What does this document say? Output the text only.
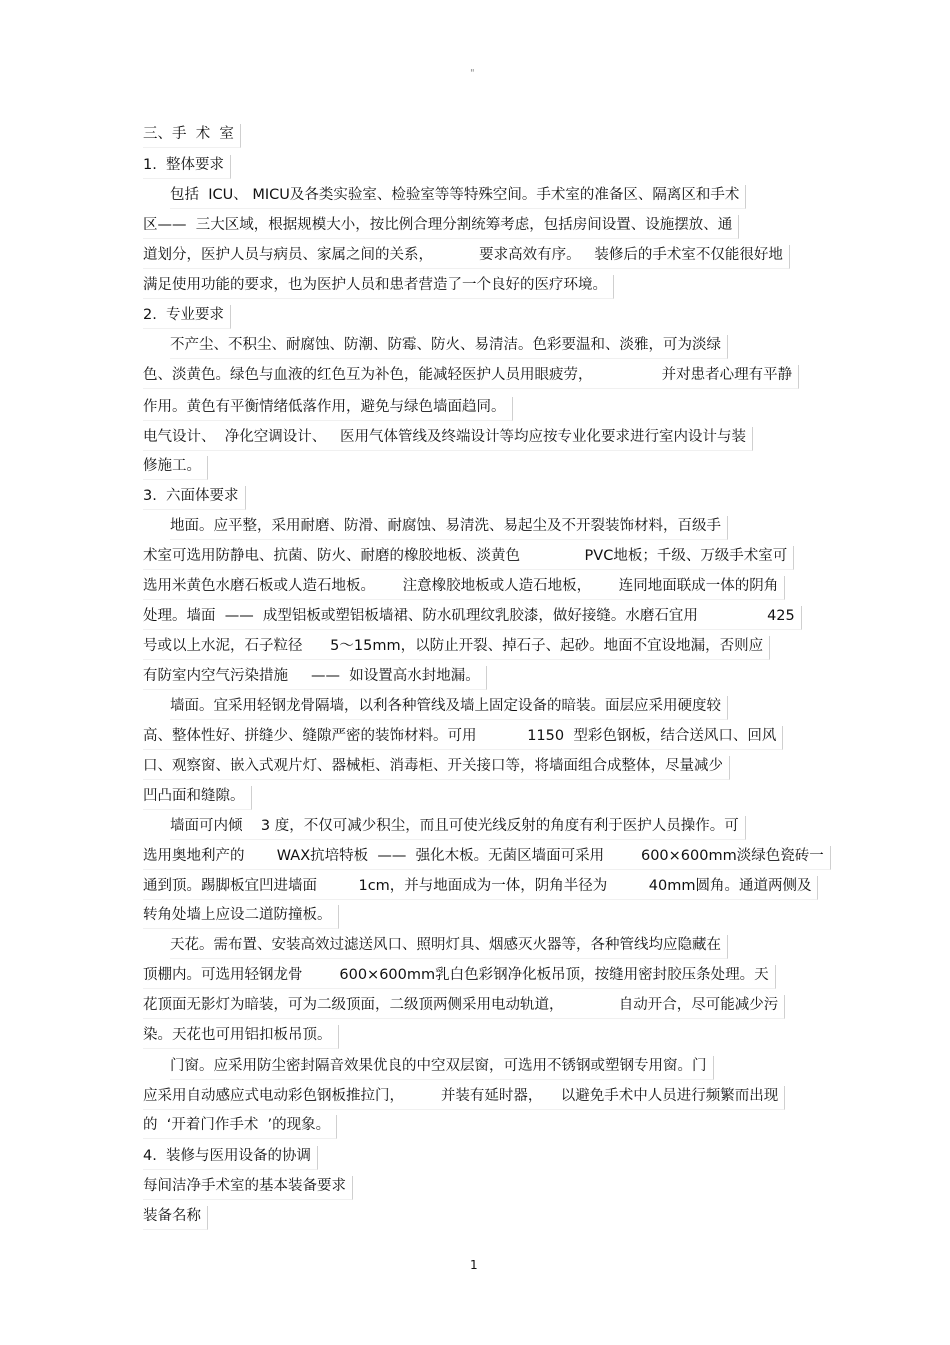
"
三、手  术  室
1.  整体要求
包括  ICU、 MICU及各类实验室、检验室等等特殊空间。手术室的准备区、隔离区和手术
区——  三大区域，根据规模大小，按比例合理分割统筹考虑，包括房间设置、设施摆放、通
道划分，医护人员与病员、家属之间的关系，          要求高效有序。   装修后的手术室不仅能很好地
满足使用功能的要求，也为医护人员和患者营造了一个良好的医疗环境。
2.  专业要求
不产尘、不积尘、耐腐蚀、防潮、防霉、防火、易清洁。色彩要温和、淡雅，可为淡绿
色、淡黄色。绿色与血液的红色互为补色，能减轻医护人员用眼疲劳，               并对患者心理有平静
作用。黄色有平衡情绪低落作用，避免与绿色墙面趋同。
电气设计、  净化空调设计、   医用气体管线及终端设计等均应按专业化要求进行室内设计与装
修施工。
3.  六面体要求
地面。应平整，采用耐磨、防滑、耐腐蚀、易清洗、易起尘及不开裂装饰材料，百级手
术室可选用防静电、抗菌、防火、耐磨的橡胶地板、淡黄色              PVC地板；千级、万级手术室可
选用米黄色水磨石板或人造石地板。      注意橡胶地板或人造石地板，      连同地面联成一体的阴角
处理。墙面  ——  成型铝板或塑铝板墙裙、防水矶理纹乳胶漆，做好接缝。水磨石宜用               425
号或以上水泥，石子粒径      5～15mm，以防止开裂、掉石子、起砂。地面不宜设地漏，否则应
有防室内空气污染措施     ——  如设置高水封地漏。
墙面。宜采用轻钢龙骨隔墙，以利各种管线及墙上固定设备的暗装。面层应采用硬度较
高、整体性好、拼缝少、缝隙严密的装饰材料。可用           1150  型彩色钢板，结合送风口、回风
口、观察窗、嵌入式观片灯、器械柜、消毒柜、开关接口等，将墙面组合成整体，尽量减少
凹凸面和缝隙。
墙面可内倾    3 度，不仅可减少积尘，而且可使光线反射的角度有利于医护人员操作。可
选用奥地利产的       WAX抗培特板  ——  强化木板。无菌区墙面可采用        600×600mm淡绿色瓷砖一
通到顶。踢脚板宜凹进墙面         1cm，并与地面成为一体，阴角半径为         40mm圆角。通道两侧及
转角处墙上应设二道防撞板。
天花。需布置、安装高效过滤送风口、照明灯具、烟感灭火器等，各种管线均应隐藏在
顶棚内。可选用轻钢龙骨        600×600mm乳白色彩钢净化板吊顶，按缝用密封胶压条处理。天
花顶面无影灯为暗装，可为二级顶面，二级顶两侧采用电动轨道，            自动开合，尽可能减少污
染。天花也可用铝扣板吊顶。
门窗。应采用防尘密封隔音效果优良的中空双层窗，可选用不锈钢或塑钢专用窗。门
应采用自动感应式电动彩色钢板推拉门，        并装有延时器，    以避免手术中人员进行频繁而出现
的  ‘开着门作手术  ’的现象。
4.  装修与医用设备的协调
每间洁净手术室的基本装备要求
装备名称
1
